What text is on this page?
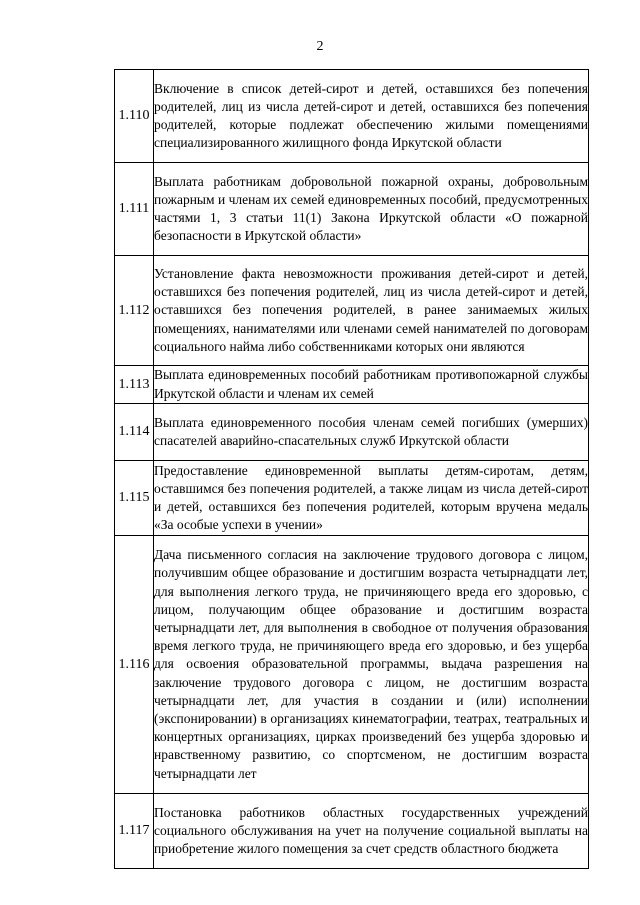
2
1.110	Включение в список детей-сирот и детей, оставшихся без попечения родителей, лиц из числа детей-сирот и детей, оставшихся без попечения родителей, которые подлежат обеспечению жилыми помещениями специализированного жилищного фонда Иркутской области
1.111	Выплата работникам добровольной пожарной охраны, добровольным пожарным и членам их семей единовременных пособий, предусмотренных частями 1, 3 статьи 11(1) Закона Иркутской области «О пожарной безопасности в Иркутской области»
1.112	Установление факта невозможности проживания детей-сирот и детей, оставшихся без попечения родителей, лиц из числа детей-сирот и детей, оставшихся без попечения родителей, в ранее занимаемых жилых помещениях, нанимателями или членами семей нанимателей по договорам социального найма либо собственниками которых они являются
1.113	Выплата единовременных пособий работникам противопожарной службы Иркутской области и членам их семей
1.114	Выплата единовременного пособия членам семей погибших (умерших) спасателей аварийно-спасательных служб Иркутской области
1.115	Предоставление единовременной выплаты детям-сиротам, детям, оставшимся без попечения родителей, а также лицам из числа детей-сирот и детей, оставшихся без попечения родителей, которым вручена медаль «За особые успехи в учении»
1.116	Дача письменного согласия на заключение трудового договора с лицом, получившим общее образование и достигшим возраста четырнадцати лет, для выполнения легкого труда, не причиняющего вреда его здоровью, с лицом, получающим общее образование и достигшим возраста четырнадцати лет, для выполнения в свободное от получения образования время легкого труда, не причиняющего вреда его здоровью, и без ущерба для освоения образовательной программы, выдача разрешения на заключение трудового договора с лицом, не достигшим возраста четырнадцати лет, для участия в создании и (или) исполнении (экспонировании) в организациях кинематографии, театрах, театральных и концертных организациях, цирках произведений без ущерба здоровью и нравственному развитию, со спортсменом, не достигшим возраста четырнадцати лет
1.117	Постановка работников областных государственных учреждений социального обслуживания на учет на получение социальной выплаты на приобретение жилого помещения за счет средств областного бюджета
